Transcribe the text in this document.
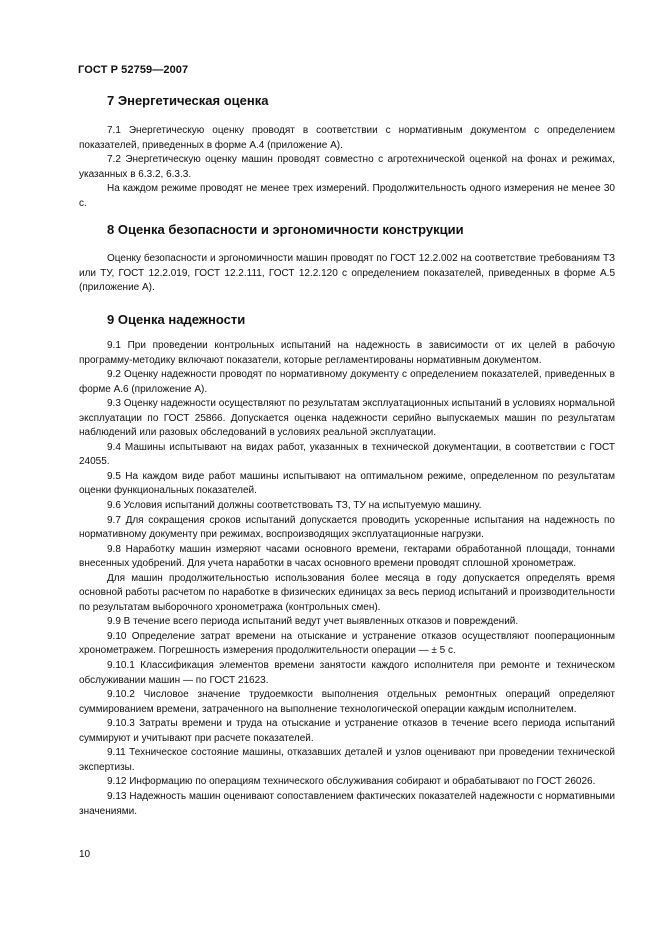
ГОСТ Р 52759—2007
7 Энергетическая оценка

7.1 Энергетическую оценку проводят в соответствии с нормативным документом с определением показателей, приведенных в форме А.4 (приложение А).

7.2 Энергетическую оценку машин проводят совместно с агротехнической оценкой на фонах и режимах, указанных в 6.3.2, 6.3.3.

На каждом режиме проводят не менее трех измерений. Продолжительность одного измерения не менее 30 с.

8 Оценка безопасности и эргономичности конструкции

Оценку безопасности и эргономичности машин проводят по ГОСТ 12.2.002 на соответствие требованиям ТЗ или ТУ, ГОСТ 12.2.019, ГОСТ 12.2.111, ГОСТ 12.2.120 с определением показателей, приведенных в форме А.5 (приложение А).

9 Оценка надежности

9.1 При проведении контрольных испытаний на надежность в зависимости от их целей в рабочую программу-методику включают показатели, которые регламентированы нормативным документом.

9.2 Оценку надежности проводят по нормативному документу с определением показателей, приведенных в форме А.6 (приложение А).

9.3 Оценку надежности осуществляют по результатам эксплуатационных испытаний в условиях нормальной эксплуатации по ГОСТ 25866. Допускается оценка надежности серийно выпускаемых машин по результатам наблюдений или разовых обследований в условиях реальной эксплуатации.

9.4 Машины испытывают на видах работ, указанных в технической документации, в соответствии с ГОСТ 24055.

9.5 На каждом виде работ машины испытывают на оптимальном режиме, определенном по результатам оценки функциональных показателей.

9.6 Условия испытаний должны соответствовать ТЗ, ТУ на испытуемую машину.

9.7 Для сокращения сроков испытаний допускается проводить ускоренные испытания на надежность по нормативному документу при режимах, воспроизводящих эксплуатационные нагрузки.

9.8 Наработку машин измеряют часами основного времени, гектарами обработанной площади, тоннами внесенных удобрений. Для учета наработки в часах основного времени проводят сплошной хронометраж.

Для машин продолжительностью использования более месяца в году допускается определять время основной работы расчетом по наработке в физических единицах за весь период испытаний и производительности по результатам выборочного хронометража (контрольных смен).

9.9 В течение всего периода испытаний ведут учет выявленных отказов и повреждений.

9.10 Определение затрат времени на отыскание и устранение отказов осуществляют пооперационным хронометражем. Погрешность измерения продолжительности операции — ± 5 с.

9.10.1 Классификация элементов времени занятости каждого исполнителя при ремонте и техническом обслуживании машин — по ГОСТ 21623.

9.10.2 Числовое значение трудоемкости выполнения отдельных ремонтных операций определяют суммированием времени, затраченного на выполнение технологической операции каждым исполнителем.

9.10.3 Затраты времени и труда на отыскание и устранение отказов в течение всего периода испытаний суммируют и учитывают при расчете показателей.

9.11 Техническое состояние машины, отказавших деталей и узлов оценивают при проведении технической экспертизы.

9.12 Информацию по операциям технического обслуживания собирают и обрабатывают по ГОСТ 26026.

9.13 Надежность машин оценивают сопоставлением фактических показателей надежности с нормативными значениями.

10
